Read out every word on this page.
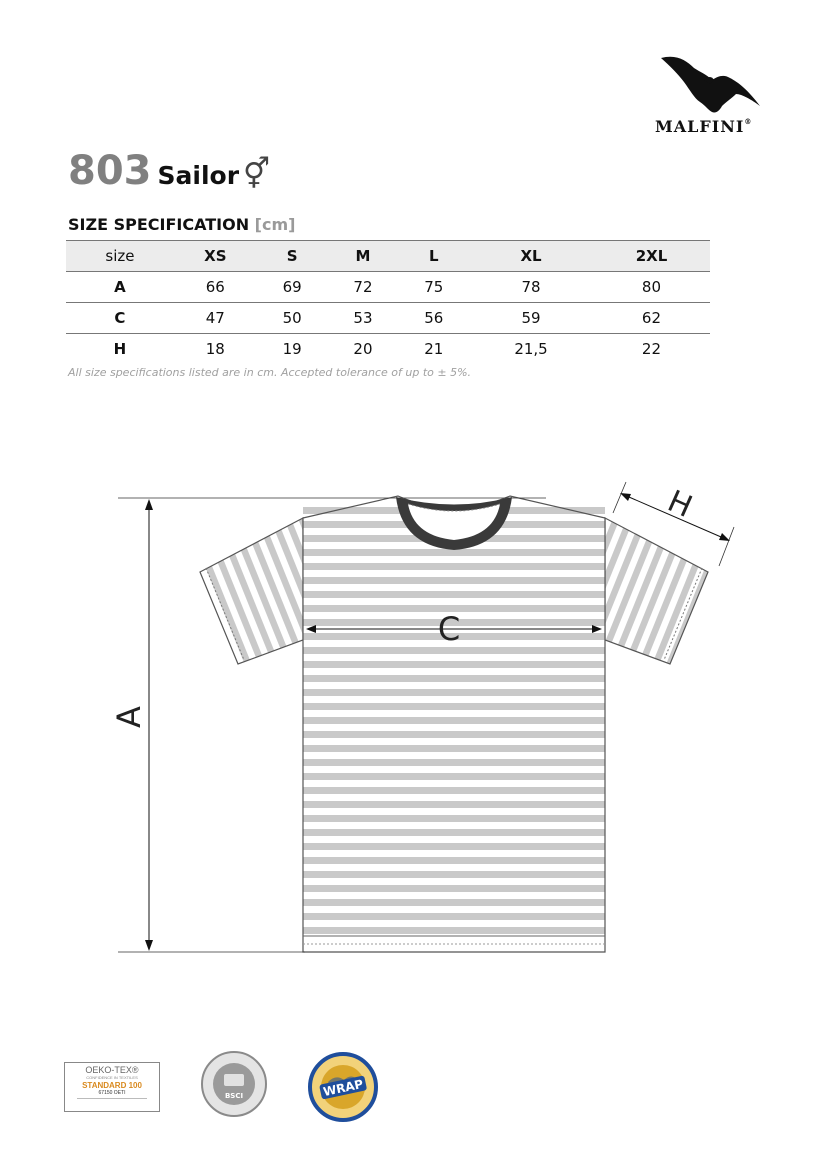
MALFINI®
803 Sailor ⚥
SIZE SPECIFICATION [cm]
size	XS	S	M	L	XL	2XL
A	66	69	72	75	78	80
C	47	50	53	56	59	62
H	18	19	20	21	21,5	22
All size specifications listed are in cm. Accepted tolerance of up to ± 5%.
A
C
H
OEKO-TEX®
CONFIDENCE IN TEXTILES
STANDARD 100
67150 OETI	BSCI	WRAP
